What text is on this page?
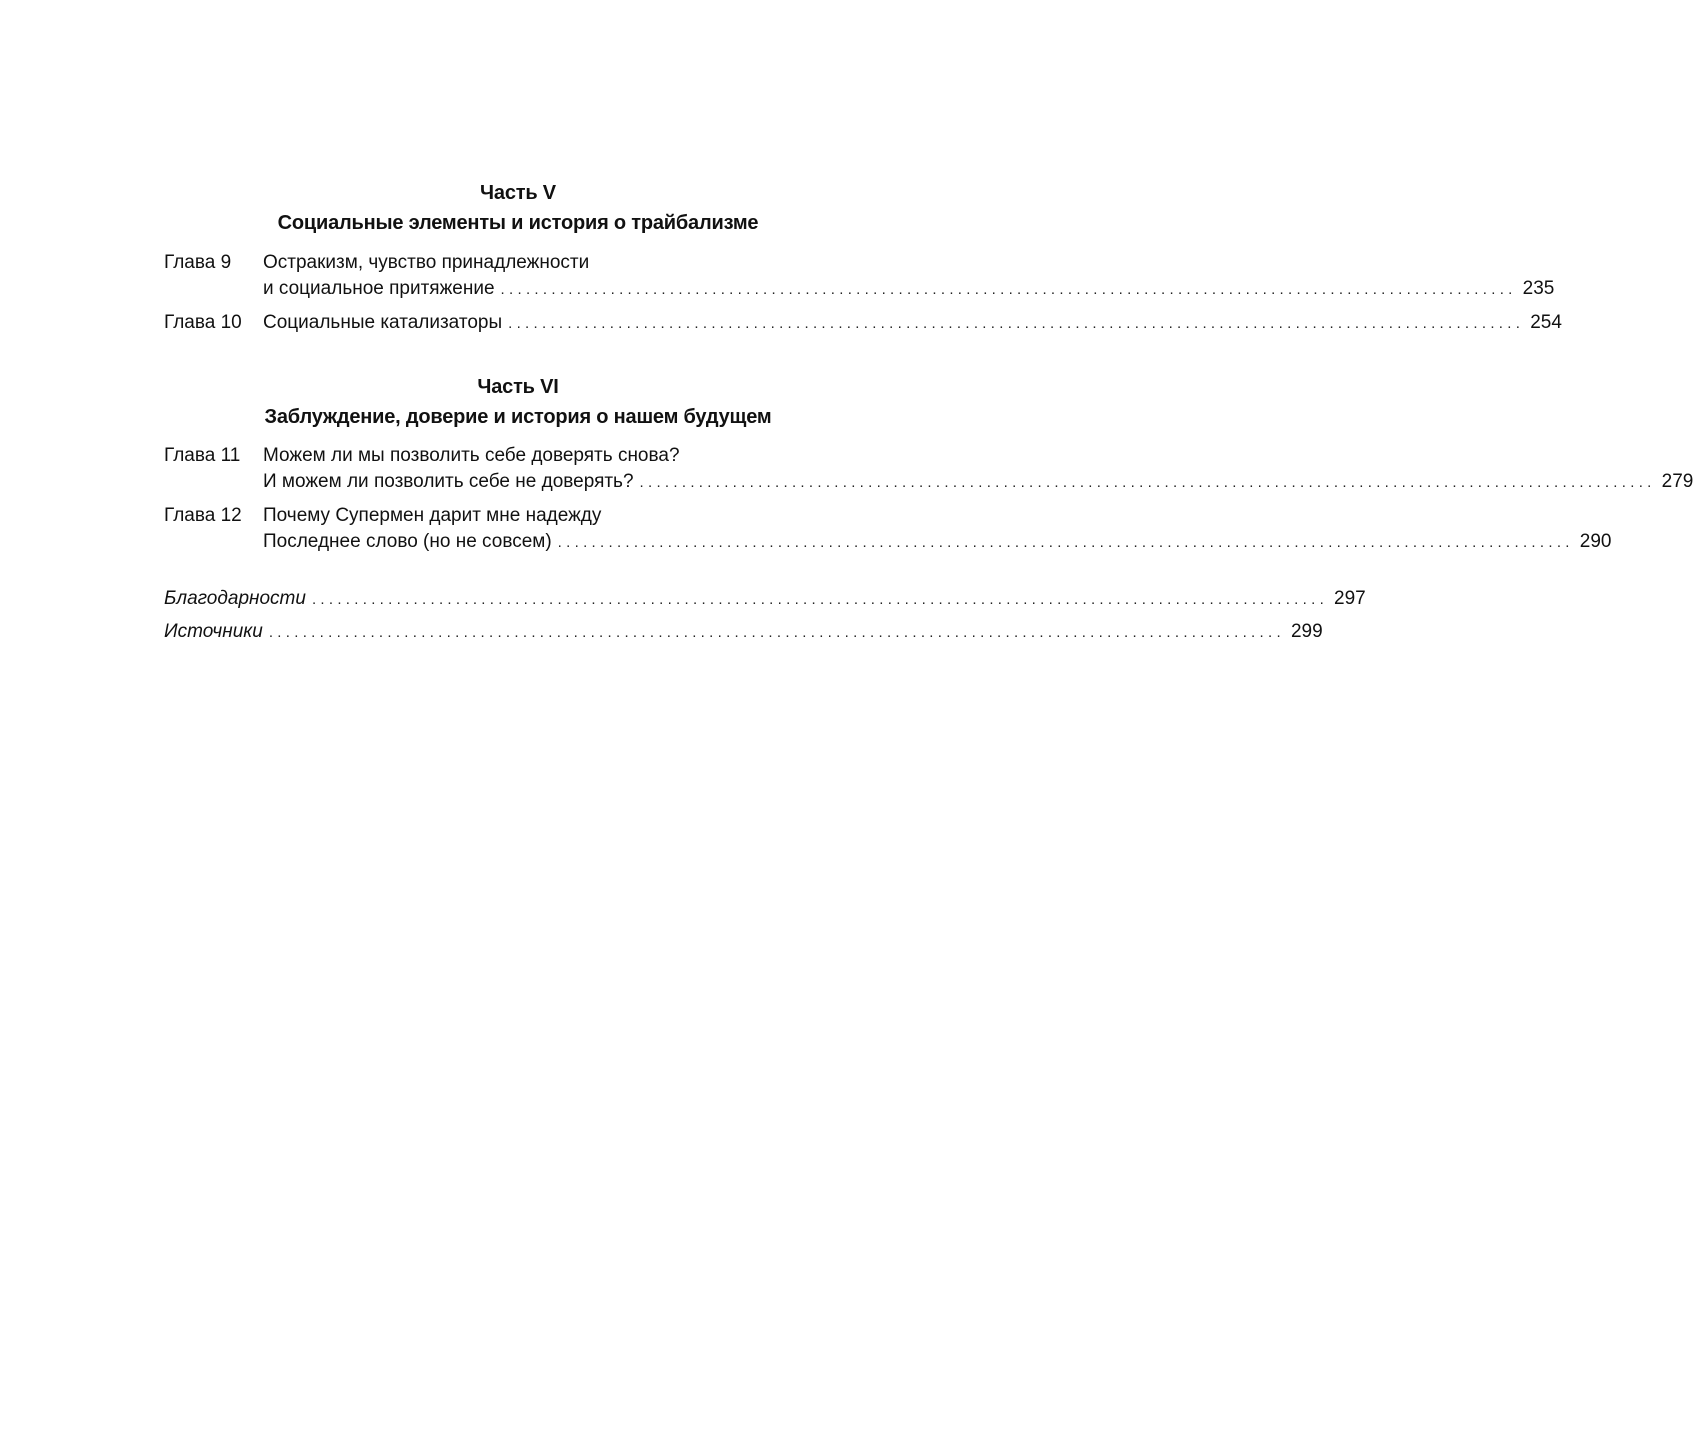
Часть V
Социальные элементы и история о трайбализме
Глава 9 Остракизм, чувство принадлежности
и социальное притяжение ........................................................................................................................ 235
Глава 10 Социальные катализаторы ........................................................................................................................ 254
Часть VI
Заблуждение, доверие и история о нашем будущем
Глава 11 Можем ли мы позволить себе доверять снова?
И можем ли позволить себе не доверять? ........................................................................................................................ 279
Глава 12 Почему Супермен дарит мне надежду
Последнее слово (но не совсем) ........................................................................................................................ 290
Благодарности ........................................................................................................................ 297
Источники ........................................................................................................................ 299
